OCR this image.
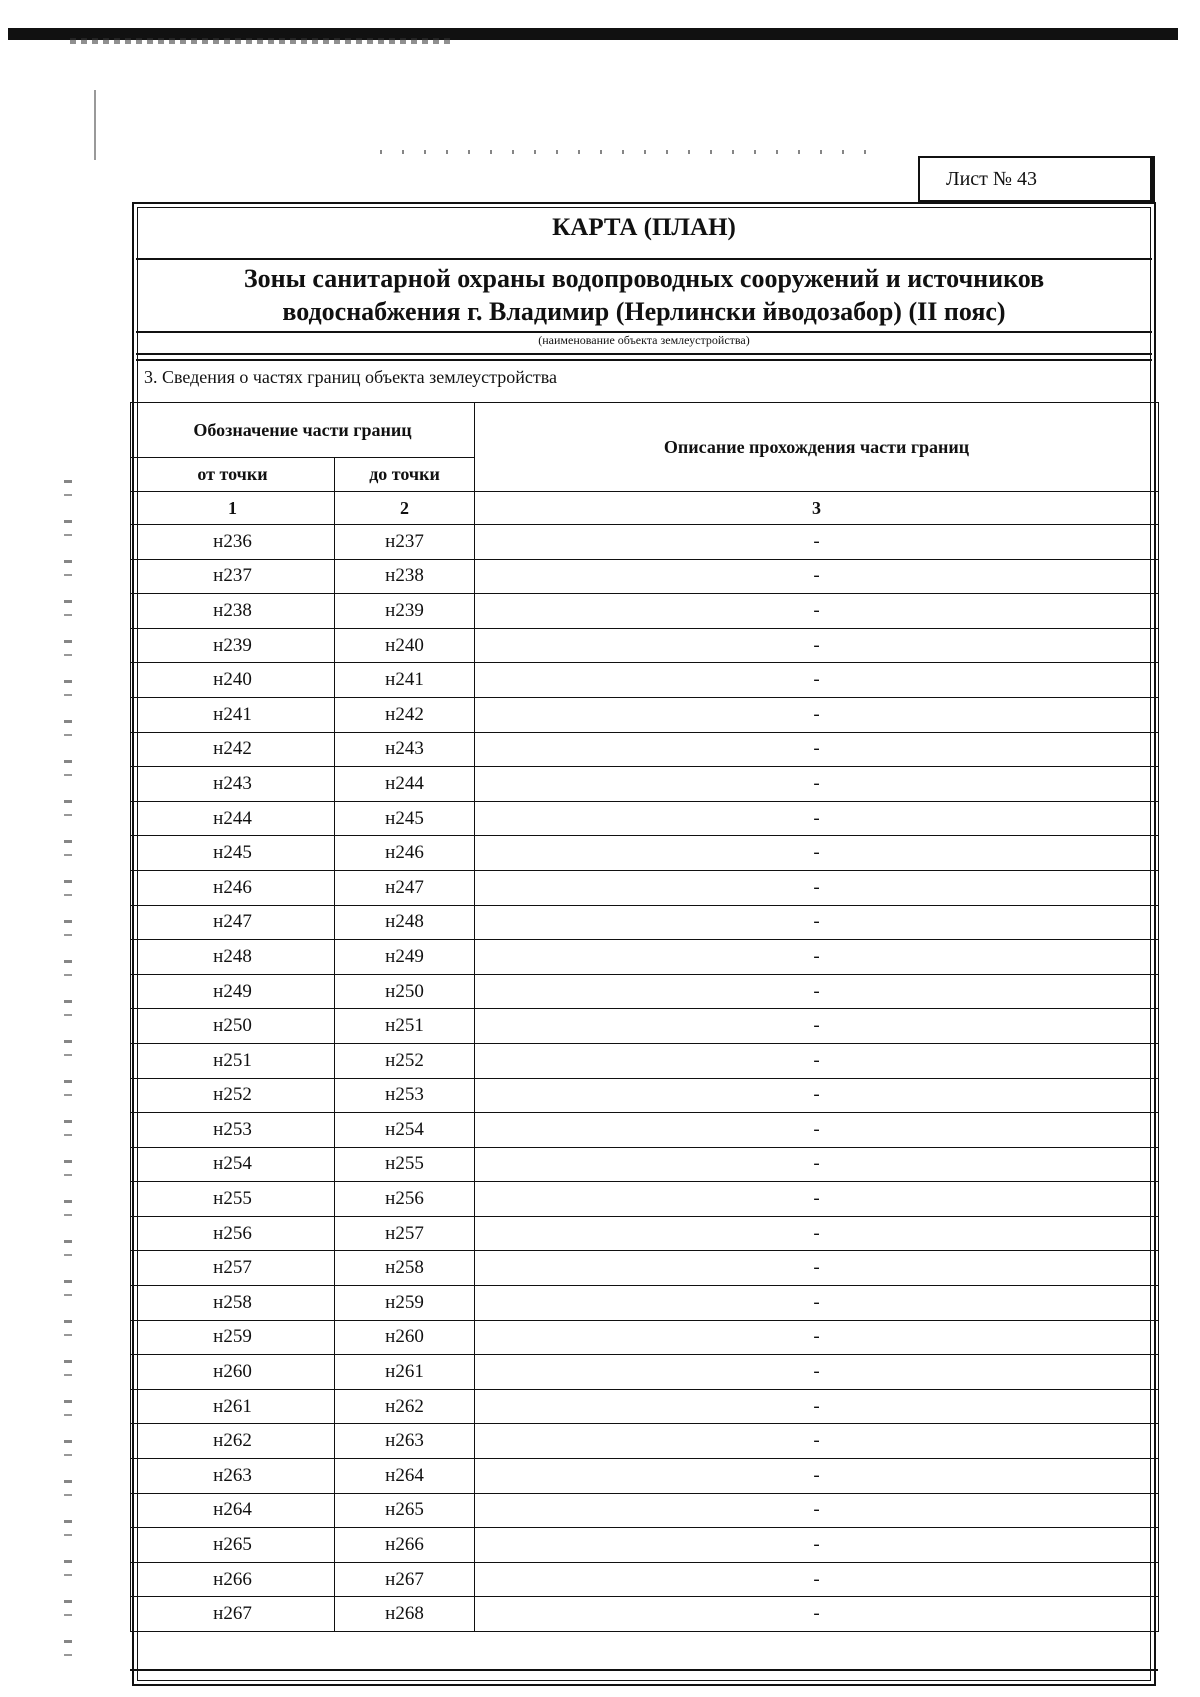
Лист № 43
КАРТА (ПЛАН)
Зоны санитарной охраны водопроводных сооружений и источников
водоснабжения г. Владимир (Нерлински йводозабор) (II пояс)
(наименование объекта землеустройства)
3. Сведения о частях границ объекта землеустройства
Обозначение части границ		Описание прохождения части границ
от точки	до точки	
1	2	3
н236	н237	-
н237	н238	-
н238	н239	-
н239	н240	-
н240	н241	-
н241	н242	-
н242	н243	-
н243	н244	-
н244	н245	-
н245	н246	-
н246	н247	-
н247	н248	-
н248	н249	-
н249	н250	-
н250	н251	-
н251	н252	-
н252	н253	-
н253	н254	-
н254	н255	-
н255	н256	-
н256	н257	-
н257	н258	-
н258	н259	-
н259	н260	-
н260	н261	-
н261	н262	-
н262	н263	-
н263	н264	-
н264	н265	-
н265	н266	-
н266	н267	-
н267	н268	-
